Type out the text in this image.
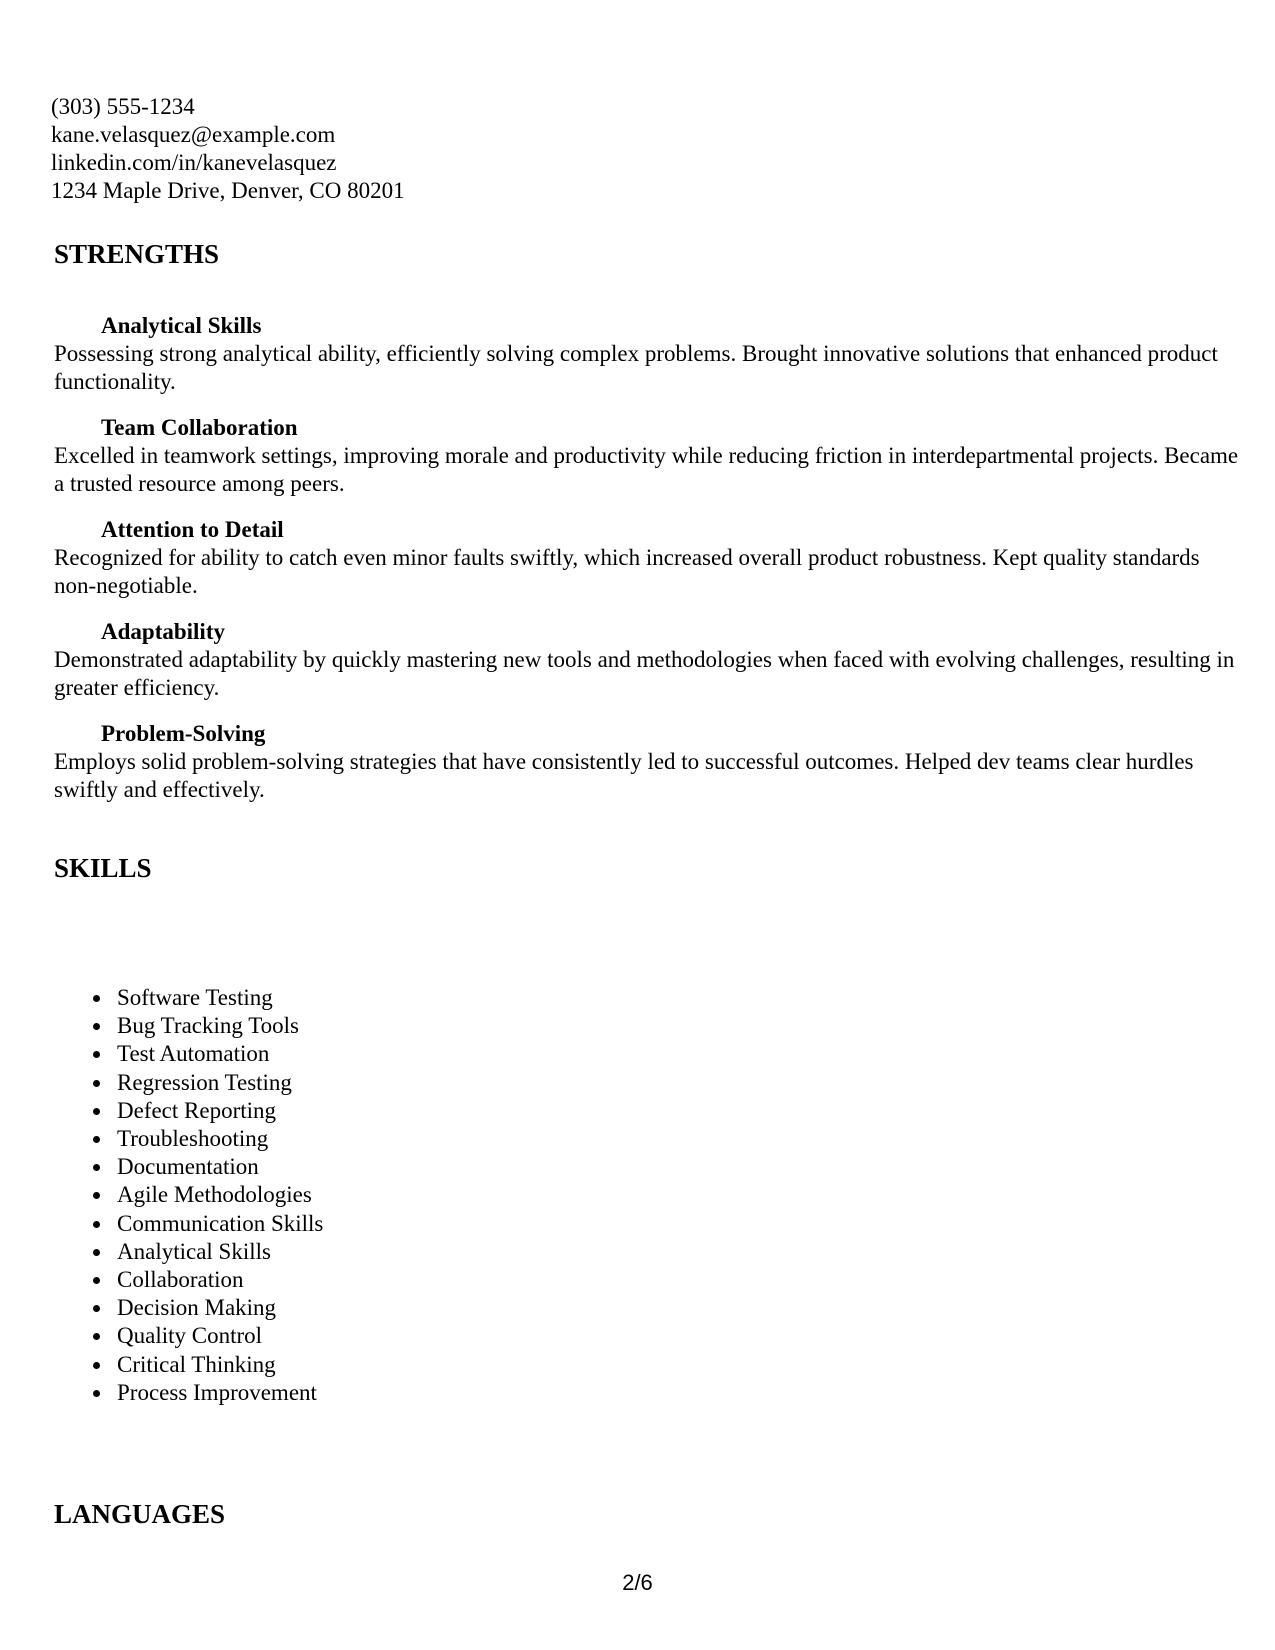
(303) 555-1234
kane.velasquez@example.com
linkedin.com/in/kanevelasquez
1234 Maple Drive, Denver, CO 80201
STRENGTHS
Analytical Skills
Possessing strong analytical ability, efficiently solving complex problems. Brought innovative solutions that enhanced product functionality.
Team Collaboration
Excelled in teamwork settings, improving morale and productivity while reducing friction in interdepartmental projects. Became a trusted resource among peers.
Attention to Detail
Recognized for ability to catch even minor faults swiftly, which increased overall product robustness. Kept quality standards non-negotiable.
Adaptability
Demonstrated adaptability by quickly mastering new tools and methodologies when faced with evolving challenges, resulting in greater efficiency.
Problem-Solving
Employs solid problem-solving strategies that have consistently led to successful outcomes. Helped dev teams clear hurdles swiftly and effectively.
SKILLS
Software Testing
Bug Tracking Tools
Test Automation
Regression Testing
Defect Reporting
Troubleshooting
Documentation
Agile Methodologies
Communication Skills
Analytical Skills
Collaboration
Decision Making
Quality Control
Critical Thinking
Process Improvement
LANGUAGES
2/6
